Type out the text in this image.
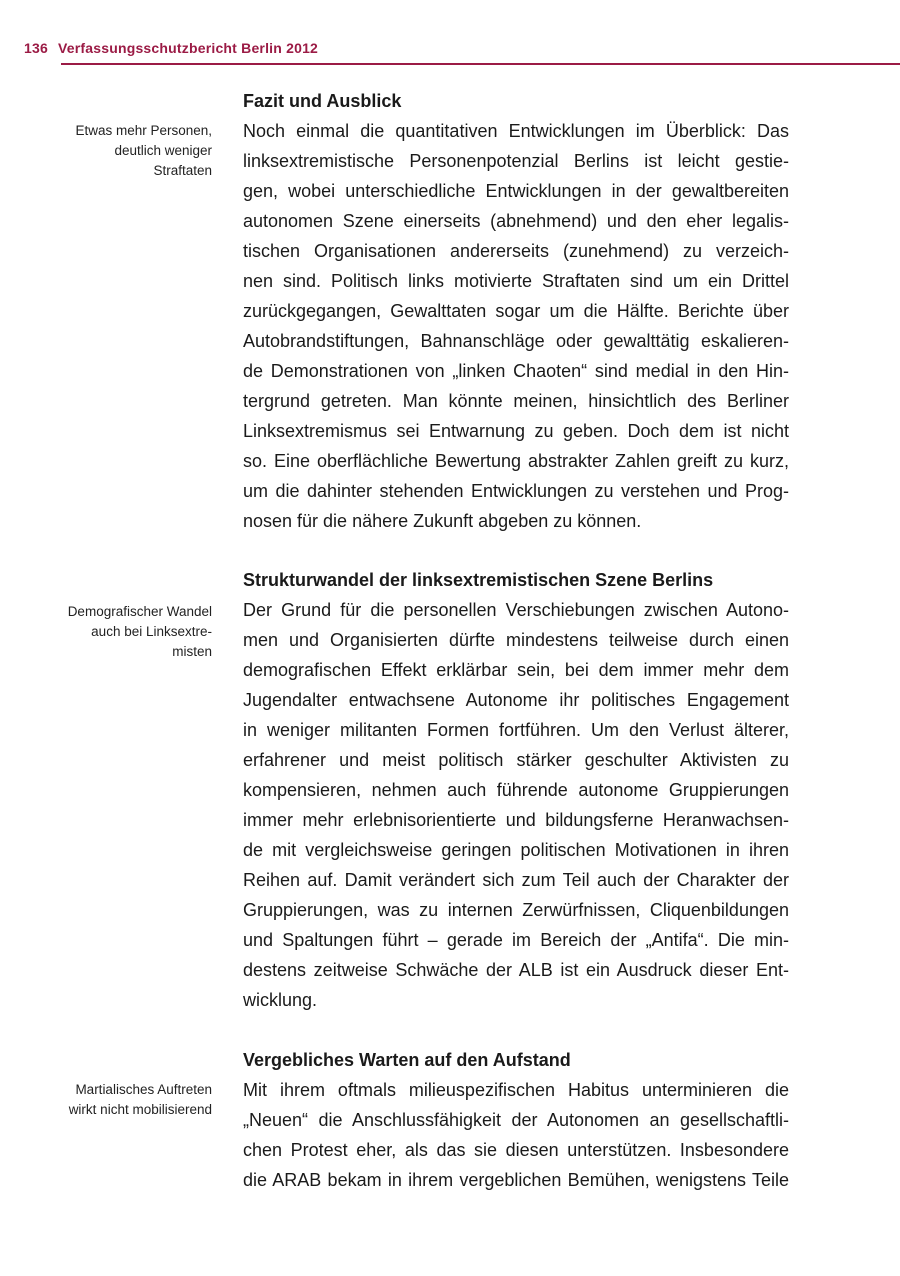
136 Verfassungsschutzbericht Berlin 2012
Fazit und Ausblick
Noch einmal die quantitativen Entwicklungen im Überblick: Das
linksextremistische Personenpotenzial Berlins ist leicht gestie-
gen, wobei unterschiedliche Entwicklungen in der gewaltbereiten
autonomen Szene einerseits (abnehmend) und den eher legalis-
tischen Organisationen andererseits (zunehmend) zu verzeich-
nen sind. Politisch links motivierte Straftaten sind um ein Drittel
zurückgegangen, Gewalttaten sogar um die Hälfte. Berichte über
Autobrandstiftungen, Bahnanschläge oder gewalttätig eskalieren-
de Demonstrationen von „linken Chaoten“ sind medial in den Hin-
tergrund getreten. Man könnte meinen, hinsichtlich des Berliner
Linksextremismus sei Entwarnung zu geben. Doch dem ist nicht
so. Eine oberflächliche Bewertung abstrakter Zahlen greift zu kurz,
um die dahinter stehenden Entwicklungen zu verstehen und Prog-
nosen für die nähere Zukunft abgeben zu können.
Etwas mehr Personen,
deutlich weniger
Straftaten
Strukturwandel der linksextremistischen Szene Berlins
Der Grund für die personellen Verschiebungen zwischen Autono-
men und Organisierten dürfte mindestens teilweise durch einen
demografischen Effekt erklärbar sein, bei dem immer mehr dem
Jugendalter entwachsene Autonome ihr politisches Engagement
in weniger militanten Formen fortführen. Um den Verlust älterer,
erfahrener und meist politisch stärker geschulter Aktivisten zu
kompensieren, nehmen auch führende autonome Gruppierungen
immer mehr erlebnisorientierte und bildungsferne Heranwachsen-
de mit vergleichsweise geringen politischen Motivationen in ihren
Reihen auf. Damit verändert sich zum Teil auch der Charakter der
Gruppierungen, was zu internen Zerwürfnissen, Cliquenbildungen
und Spaltungen führt – gerade im Bereich der „Antifa“. Die min-
destens zeitweise Schwäche der ALB ist ein Ausdruck dieser Ent-
wicklung.
Demografischer Wandel
auch bei Linksextre-
misten
Vergebliches Warten auf den Aufstand
Mit ihrem oftmals milieuspezifischen Habitus unterminieren die
„Neuen“ die Anschlussfähigkeit der Autonomen an gesellschaftli-
chen Protest eher, als das sie diesen unterstützen. Insbesondere
die ARAB bekam in ihrem vergeblichen Bemühen, wenigstens Teile
Martialisches Auftreten
wirkt nicht mobilisierend
